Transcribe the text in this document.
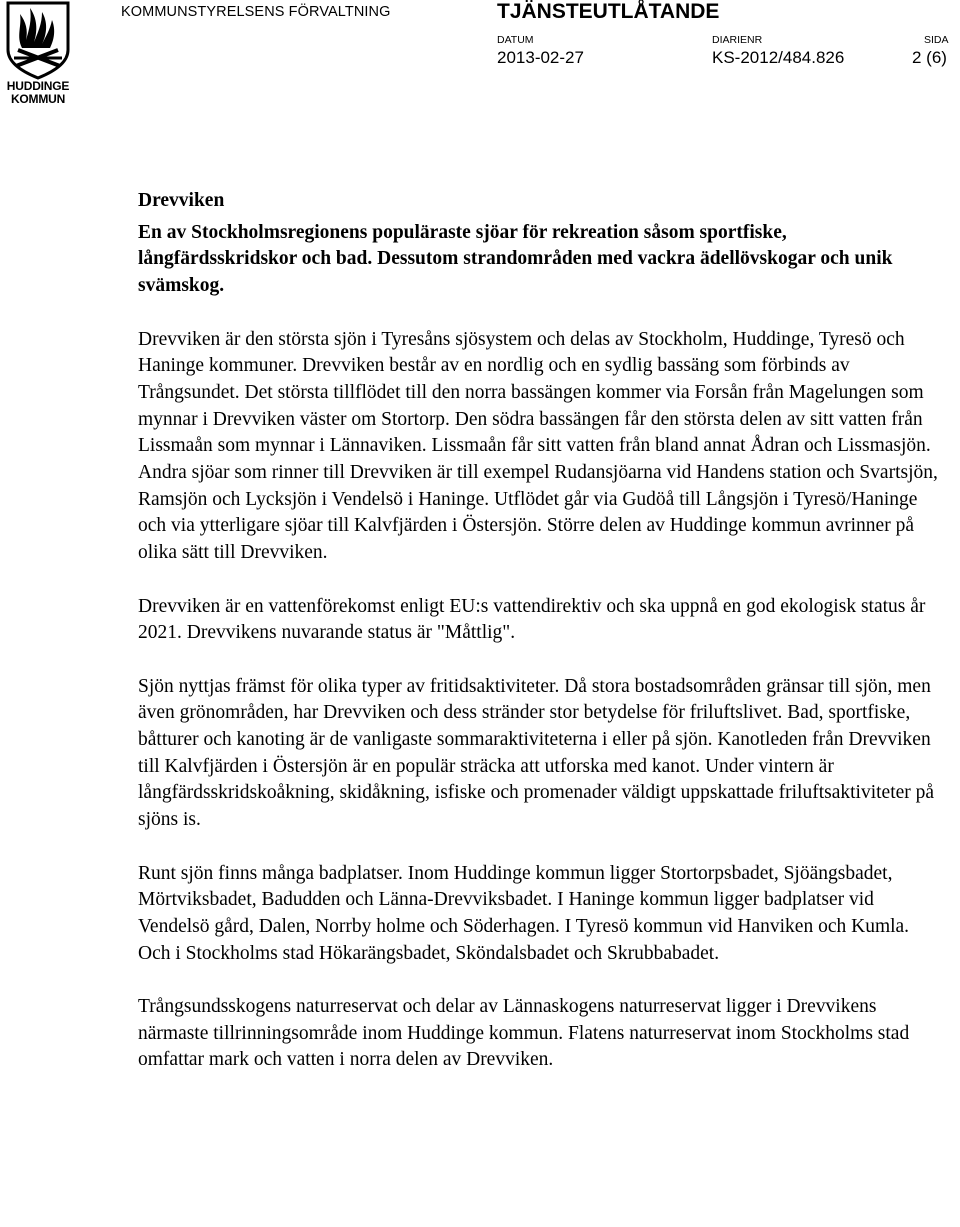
HUDDINGE
KOMMUN
KOMMUNSTYRELSENS FÖRVALTNING	TJÄNSTEUTLÅTANDE
DATUM
2013-02-27
DIARIENR
KS-2012/484.826
SIDA
2 (6)
Drevviken

En av Stockholmsregionens populäraste sjöar för rekreation såsom sportfiske, långfärdsskridskor och bad. Dessutom strandområden med vackra ädellövskogar och unik svämskog.

Drevviken är den största sjön i Tyresåns sjösystem och delas av Stockholm, Huddinge, Tyresö och Haninge kommuner. Drevviken består av en nordlig och en sydlig bassäng som förbinds av Trångsundet. Det största tillflödet till den norra bassängen kommer via Forsån från Magelungen som mynnar i Drevviken väster om Stortorp. Den södra bassängen får den största delen av sitt vatten från Lissmaån som mynnar i Lännaviken. Lissmaån får sitt vatten från bland annat Ådran och Lissmasjön. Andra sjöar som rinner till Drevviken är till exempel Rudansjöarna vid Handens station och Svartsjön, Ramsjön och Lycksjön i Vendelsö i Haninge. Utflödet går via Gudöå till Långsjön i Tyresö/Haninge och via ytterligare sjöar till Kalvfjärden i Östersjön. Större delen av Huddinge kommun avrinner på olika sätt till Drevviken.

Drevviken är en vattenförekomst enligt EU:s vattendirektiv och ska uppnå en god ekologisk status år 2021. Drevvikens nuvarande status är "Måttlig".

Sjön nyttjas främst för olika typer av fritidsaktiviteter. Då stora bostadsområden gränsar till sjön, men även grönområden, har Drevviken och dess stränder stor betydelse för friluftslivet. Bad, sportfiske, båtturer och kanoting är de vanligaste sommaraktiviteterna i eller på sjön. Kanotleden från Drevviken till Kalvfjärden i Östersjön är en populär sträcka att utforska med kanot. Under vintern är långfärdsskridskoåkning, skidåkning, isfiske och promenader väldigt uppskattade friluftsaktiviteter på sjöns is.

Runt sjön finns många badplatser. Inom Huddinge kommun ligger Stortorpsbadet, Sjöängsbadet, Mörtviksbadet, Badudden och Länna-Drevviksbadet. I Haninge kommun ligger badplatser vid Vendelsö gård, Dalen, Norrby holme och Söderhagen. I Tyresö kommun vid Hanviken och Kumla. Och i Stockholms stad Hökarängsbadet, Sköndalsbadet och Skrubbabadet.

Trångsundsskogens naturreservat och delar av Lännaskogens naturreservat ligger i Drevvikens närmaste tillrinningsområde inom Huddinge kommun. Flatens naturreservat inom Stockholms stad omfattar mark och vatten i norra delen av Drevviken.
